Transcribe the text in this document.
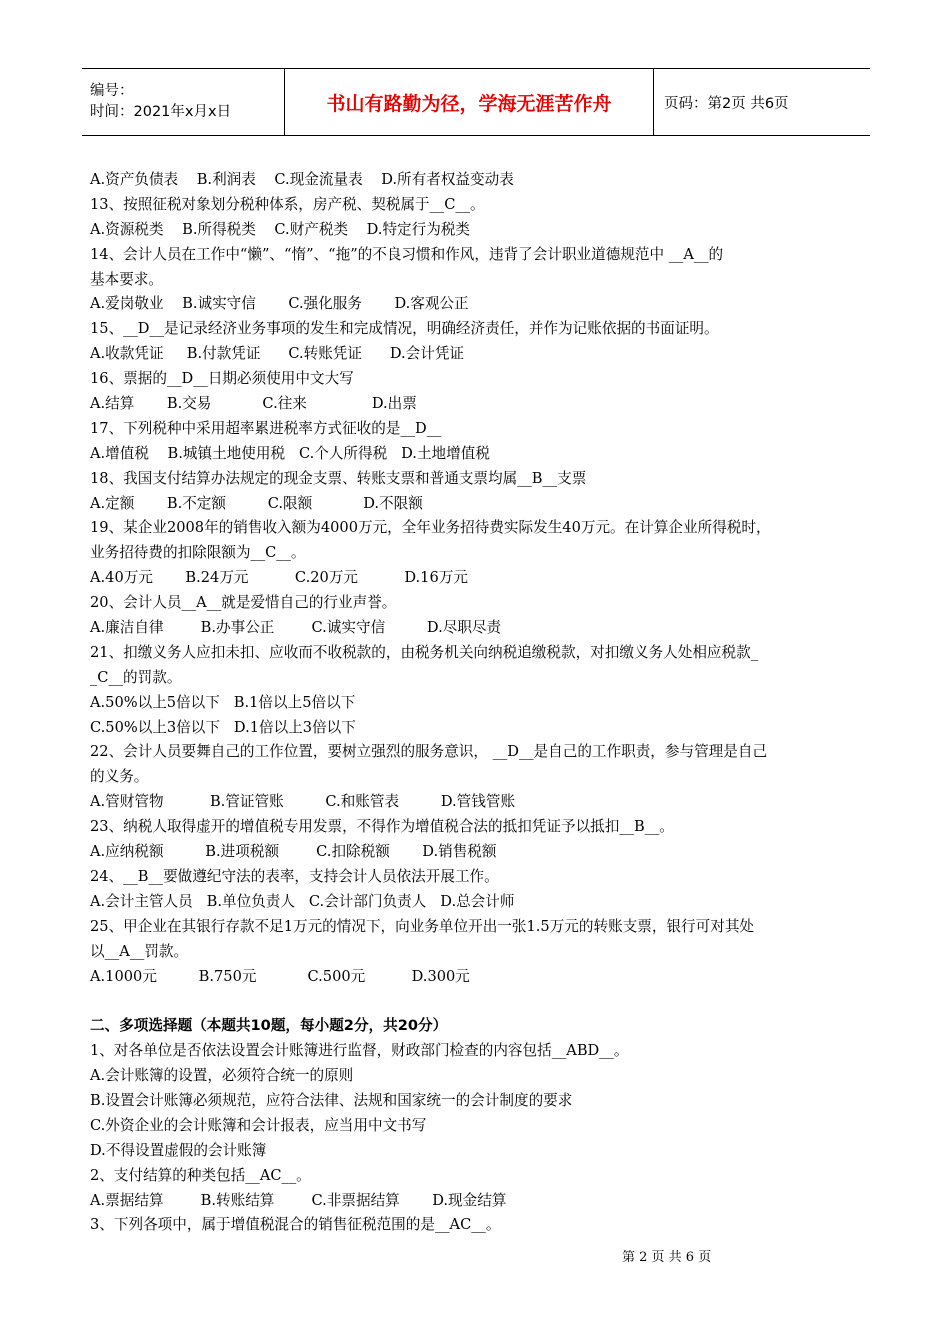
编号：
时间：2021年x月x日	书山有路勤为径，学海无涯苦作舟	页码：第2页 共6页
A.资产负债表    B.利润表    C.现金流量表    D.所有者权益变动表
13、按照征税对象划分税种体系，房产税、契税属于__C__。
A.资源税类    B.所得税类    C.财产税类    D.特定行为税类
14、会计人员在工作中“懒”、“惰”、“拖”的不良习惯和作风，违背了会计职业道德规范中 __A__的
基本要求。
A.爱岗敬业    B.诚实守信       C.强化服务       D.客观公正
15、__D__是记录经济业务事项的发生和完成情况，明确经济责任，并作为记账依据的书面证明。
A.收款凭证     B.付款凭证      C.转账凭证      D.会计凭证
16、票据的__D__日期必须使用中文大写
A.结算       B.交易           C.往来              D.出票
17、下列税种中采用超率累进税率方式征收的是__D__
A.增值税    B.城镇土地使用税   C.个人所得税   D.土地增值税
18、我国支付结算办法规定的现金支票、转账支票和普通支票均属__B__支票
A.定额       B.不定额         C.限额           D.不限额
19、某企业2008年的销售收入额为4000万元，全年业务招待费实际发生40万元。在计算企业所得税时，
业务招待费的扣除限额为__C__。
A.40万元       B.24万元          C.20万元          D.16万元
20、会计人员__A__就是爱惜自己的行业声誉。
A.廉洁自律        B.办事公正        C.诚实守信         D.尽职尽责
21、扣缴义务人应扣未扣、应收而不收税款的，由税务机关向纳税追缴税款，对扣缴义务人处相应税款_
_C__的罚款。
A.50%以上5倍以下   B.1倍以上5倍以下
C.50%以上3倍以下   D.1倍以上3倍以下
22、会计人员要舞自己的工作位置，要树立强烈的服务意识， __D__是自己的工作职责，参与管理是自己
的义务。
A.管财管物          B.管证管账         C.和账管表         D.管钱管账
23、纳税人取得虚开的增值税专用发票，不得作为增值税合法的抵扣凭证予以抵扣__B__。
A.应纳税额         B.进项税额        C.扣除税额       D.销售税额
24、__B__要做遵纪守法的表率，支持会计人员依法开展工作。
A.会计主管人员   B.单位负责人   C.会计部门负责人   D.总会计师
25、甲企业在其银行存款不足1万元的情况下，向业务单位开出一张1.5万元的转账支票，银行可对其处
以__A__罚款。
A.1000元         B.750元           C.500元          D.300元
二、多项选择题（本题共10题，每小题2分，共20分）
1、对各单位是否依法设置会计账簿进行监督，财政部门检查的内容包括__ABD__。
A.会计账簿的设置，必须符合统一的原则
B.设置会计账簿必须规范，应符合法律、法规和国家统一的会计制度的要求
C.外资企业的会计账簿和会计报表，应当用中文书写
D.不得设置虚假的会计账簿
2、支付结算的种类包括__AC__。
A.票据结算        B.转账结算        C.非票据结算       D.现金结算
3、下列各项中，属于增值税混合的销售征税范围的是__AC__。
第 2 页 共 6 页
